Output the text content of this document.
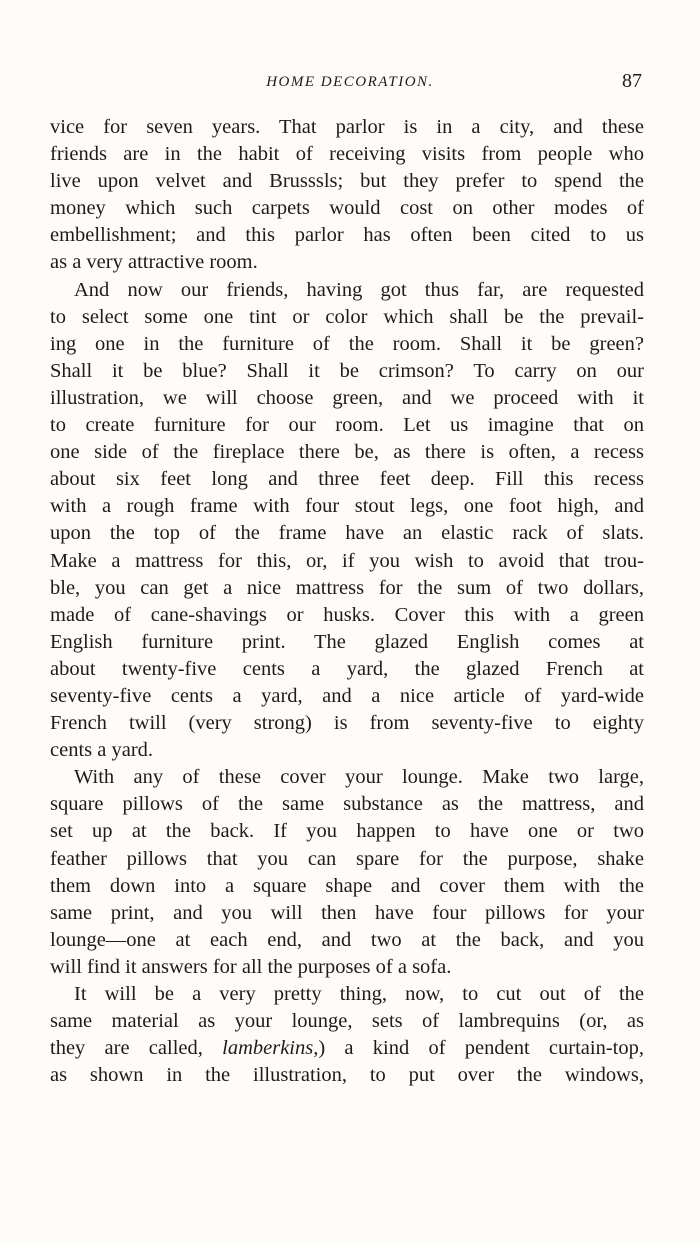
HOME DECORATION.	87
vice for seven years. That parlor is in a city, and these
friends are in the habit of receiving visits from people who
live upon velvet and Brusssls; but they prefer to spend the
money which such carpets would cost on other modes of
embellishment; and this parlor has often been cited to us
as a very attractive room.
And now our friends, having got thus far, are requested
to select some one tint or color which shall be the prevail-
ing one in the furniture of the room. Shall it be green?
Shall it be blue? Shall it be crimson? To carry on our
illustration, we will choose green, and we proceed with it
to create furniture for our room. Let us imagine that on
one side of the fireplace there be, as there is often, a recess
about six feet long and three feet deep. Fill this recess
with a rough frame with four stout legs, one foot high, and
upon the top of the frame have an elastic rack of slats.
Make a mattress for this, or, if you wish to avoid that trou-
ble, you can get a nice mattress for the sum of two dollars,
made of cane-shavings or husks. Cover this with a green
English furniture print. The glazed English comes at
about twenty-five cents a yard, the glazed French at
seventy-five cents a yard, and a nice article of yard-wide
French twill (very strong) is from seventy-five to eighty
cents a yard.
With any of these cover your lounge. Make two large,
square pillows of the same substance as the mattress, and
set up at the back. If you happen to have one or two
feather pillows that you can spare for the purpose, shake
them down into a square shape and cover them with the
same print, and you will then have four pillows for your
lounge—one at each end, and two at the back, and you
will find it answers for all the purposes of a sofa.
It will be a very pretty thing, now, to cut out of the
same material as your lounge, sets of lambrequins (or, as
they are called, lamberkins,) a kind of pendent curtain-top,
as shown in the illustration, to put over the windows,
